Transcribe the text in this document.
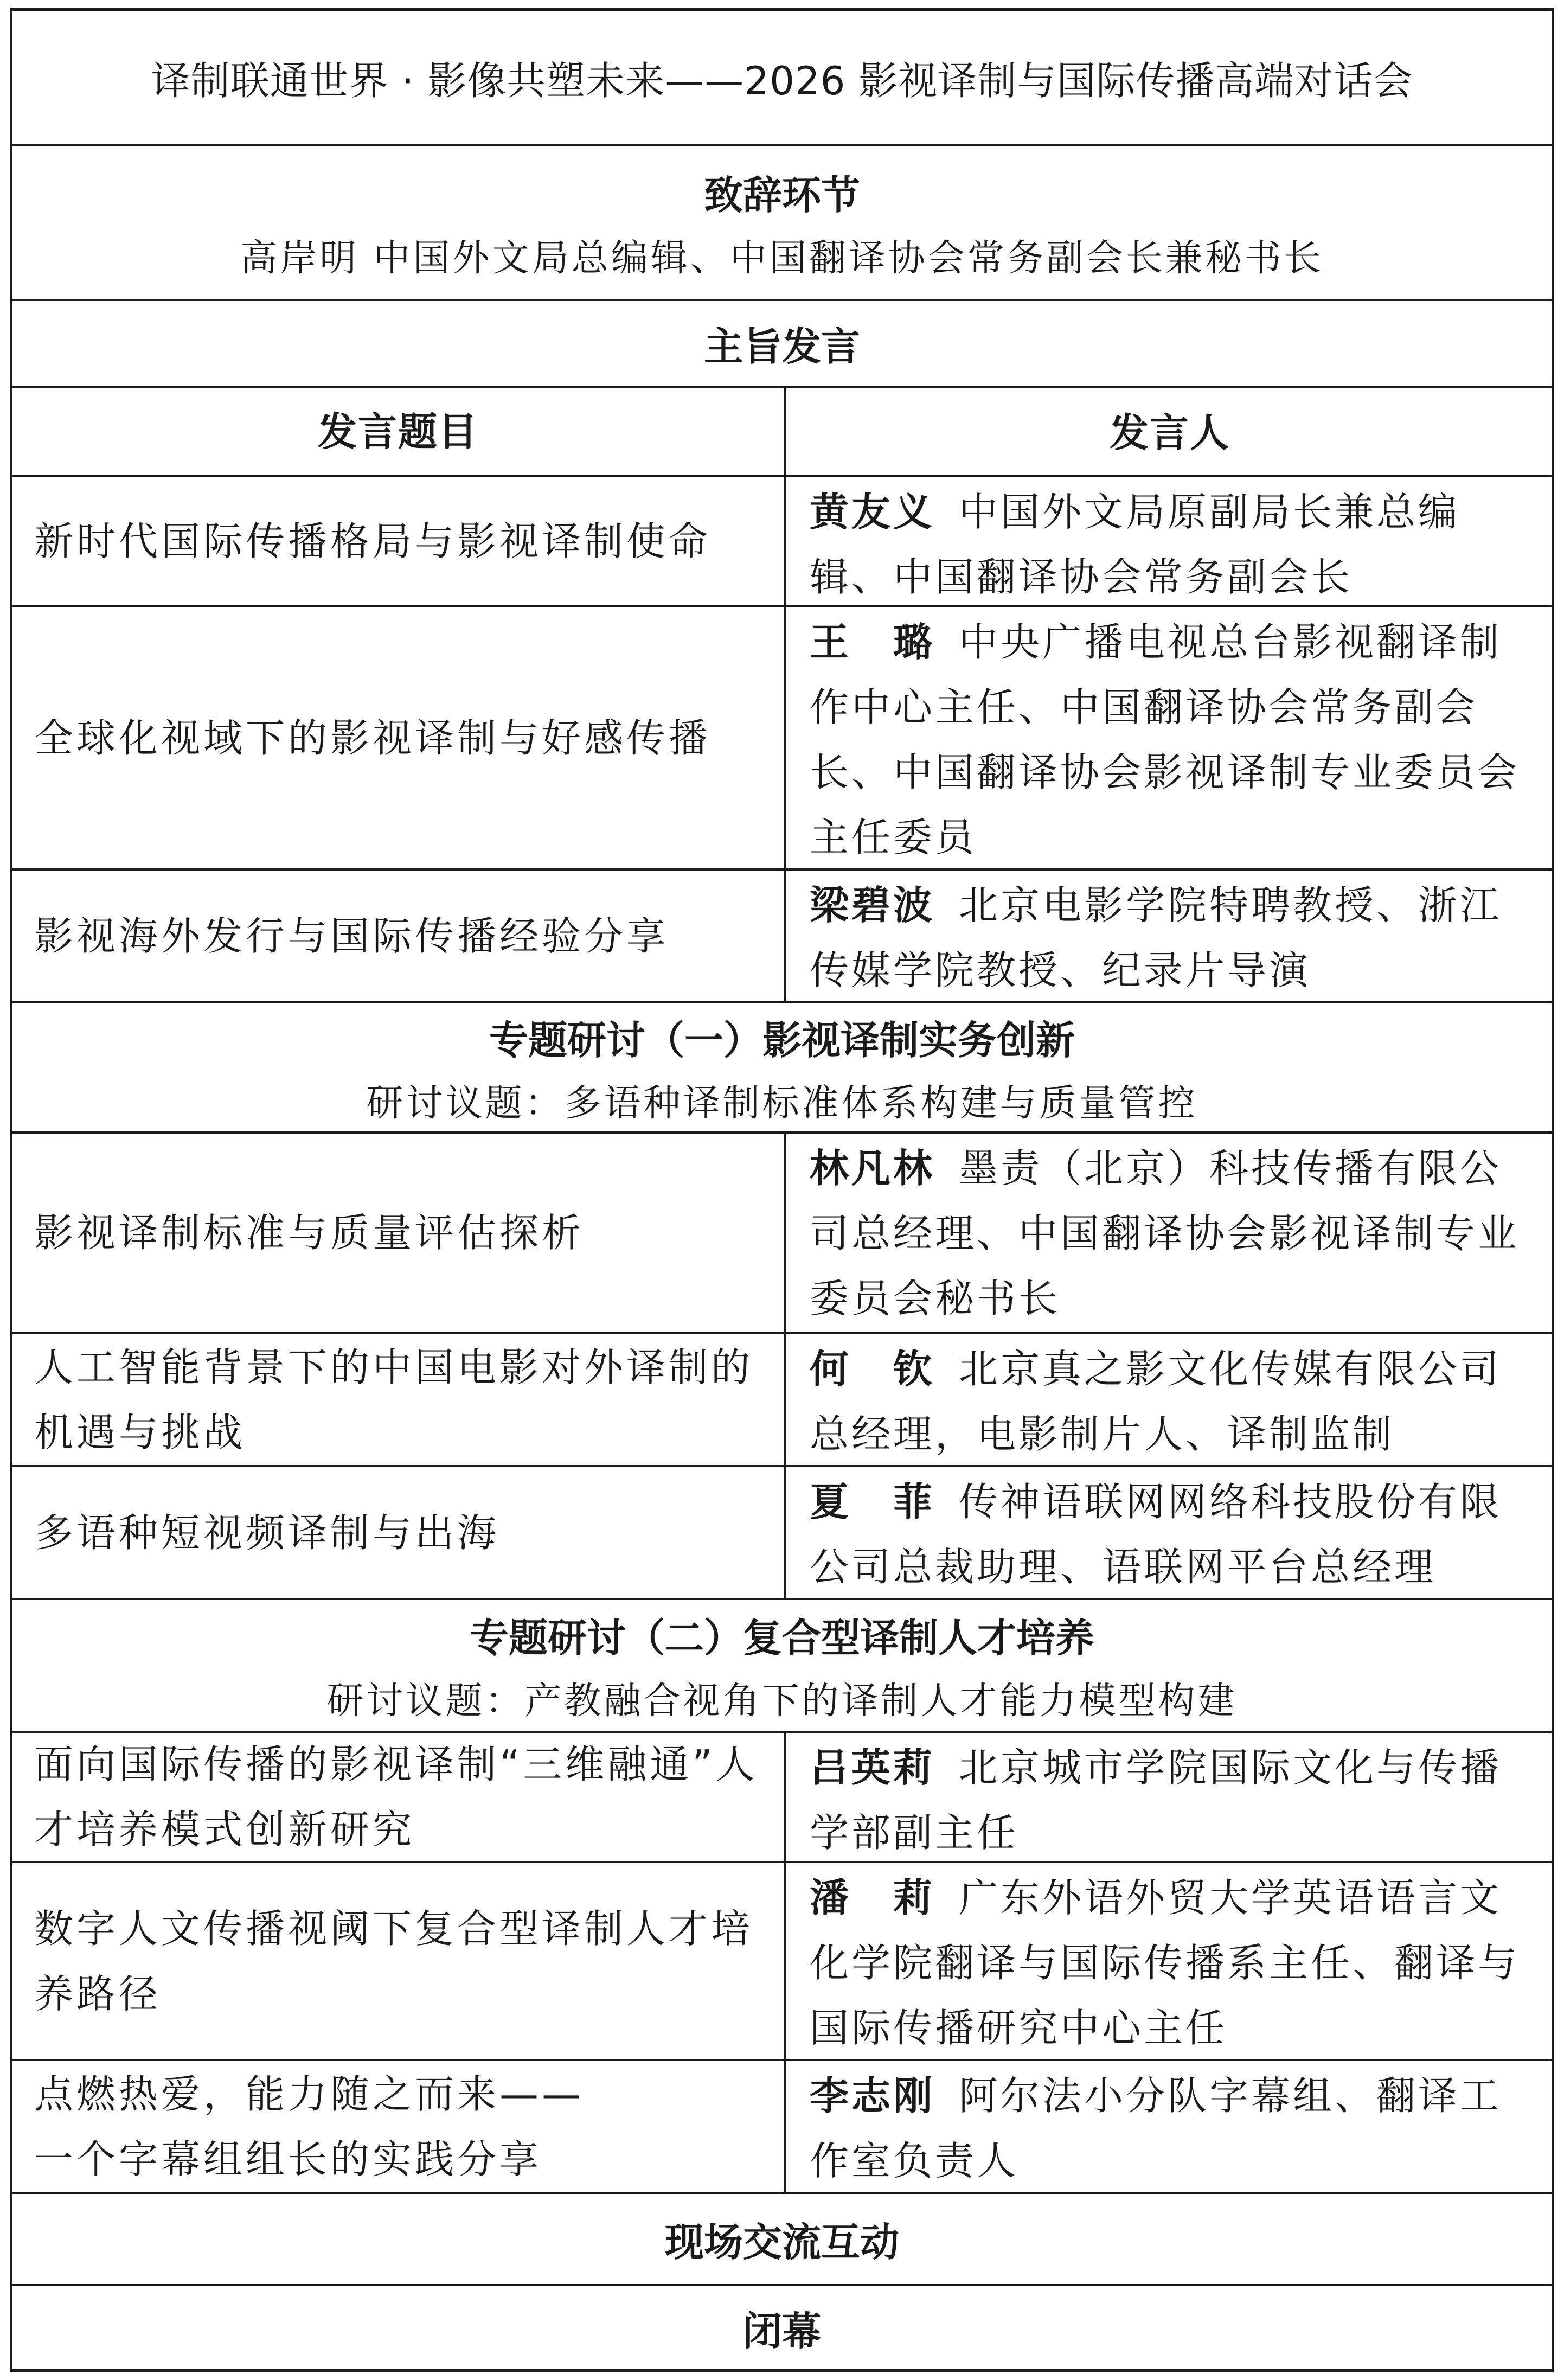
译制联通世界 · 影像共塑未来——2026 影视译制与国际传播高端对话会
致辞环节
高岸明 中国外文局总编辑、中国翻译协会常务副会长兼秘书长
主旨发言
发言题目	发言人
新时代国际传播格局与影视译制使命
黄友义 中国外文局原副局长兼总编辑、中国翻译协会常务副会长
全球化视域下的影视译制与好感传播
王　璐 中央广播电视总台影视翻译制作中心主任、中国翻译协会常务副会长、中国翻译协会影视译制专业委员会主任委员
影视海外发行与国际传播经验分享
梁碧波 北京电影学院特聘教授、浙江传媒学院教授、纪录片导演
专题研讨（一）影视译制实务创新
研讨议题：多语种译制标准体系构建与质量管控
影视译制标准与质量评估探析
林凡林 墨责（北京）科技传播有限公司总经理、中国翻译协会影视译制专业委员会秘书长
人工智能背景下的中国电影对外译制的机遇与挑战
何　钦 北京真之影文化传媒有限公司总经理，电影制片人、译制监制
多语种短视频译制与出海
夏　菲 传神语联网网络科技股份有限公司总裁助理、语联网平台总经理
专题研讨（二）复合型译制人才培养
研讨议题：产教融合视角下的译制人才能力模型构建
面向国际传播的影视译制“三维融通”人才培养模式创新研究
吕英莉 北京城市学院国际文化与传播学部副主任
数字人文传播视阈下复合型译制人才培养路径
潘　莉 广东外语外贸大学英语语言文化学院翻译与国际传播系主任、翻译与国际传播研究中心主任
点燃热爱，能力随之而来——
一个字幕组组长的实践分享
李志刚 阿尔法小分队字幕组、翻译工作室负责人
现场交流互动
闭幕
